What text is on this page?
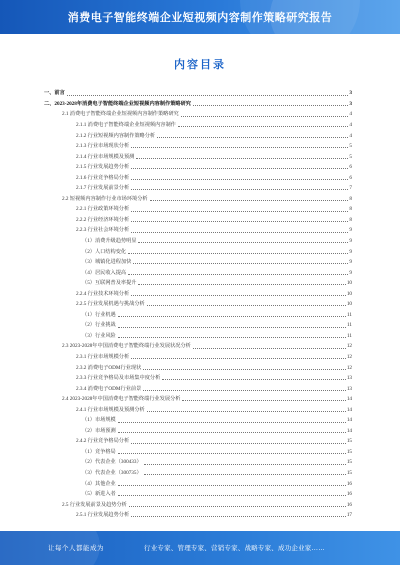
消费电子智能终端企业短视频内容制作策略研究报告
内容目录
一、前言	3
二、2023-2028年消费电子智能终端企业短视频内容制作策略研究	3
2.1 消费电子智能终端企业短视频内容制作策略研究	4
2.1.1 消费电子智能终端企业短视频内容制作	4
2.1.2 行业短视频内容制作策略分析	4
2.1.3 行业市场现状分析	5
2.1.4 行业市场规模及预测	5
2.1.5 行业发展趋势分析	6
2.1.6 行业竞争格局分析	6
2.1.7 行业发展前景分析	7
2.2 短视频内容制作行业市场环境分析	8
2.2.1 行业政策环境分析	8
2.2.2 行业经济环境分析	8
2.2.3 行业社会环境分析	9
（1）消费升级趋势明显	9
（2）人口结构变化	9
（3）城镇化进程加快	9
（4）居民收入提高	9
（5）互联网普及率提升	10
2.2.4 行业技术环境分析	10
2.2.5 行业发展机遇与挑战分析	10
（1）行业机遇	11
（2）行业挑战	11
（3）行业风险	11
2.3 2023-2028年中国消费电子智能终端行业发展状况分析	12
2.3.1 行业市场规模分析	12
2.3.2 消费电子ODM行业现状	12
2.3.3 行业竞争格局及市场集中度分析	13
2.3.4 消费电子ODM行业前景	13
2.4 2023-2028年中国消费电子智能终端行业发展分析	14
2.4.1 行业市场规模及预测分析	14
（1）市场规模	14
（2）市场预测	14
2.4.2 行业竞争格局分析	15
（1）竞争格局	15
（2）代表企业（300433）	15
（3）代表企业（300735）	15
（4）其他企业	16
（5）新进入者	16
2.5 行业发展前景及趋势分析	16
2.5.1 行业发展趋势分析	17
让每个人都能成为	行业专家、管理专家、营销专家、战略专家、成功企业家……
